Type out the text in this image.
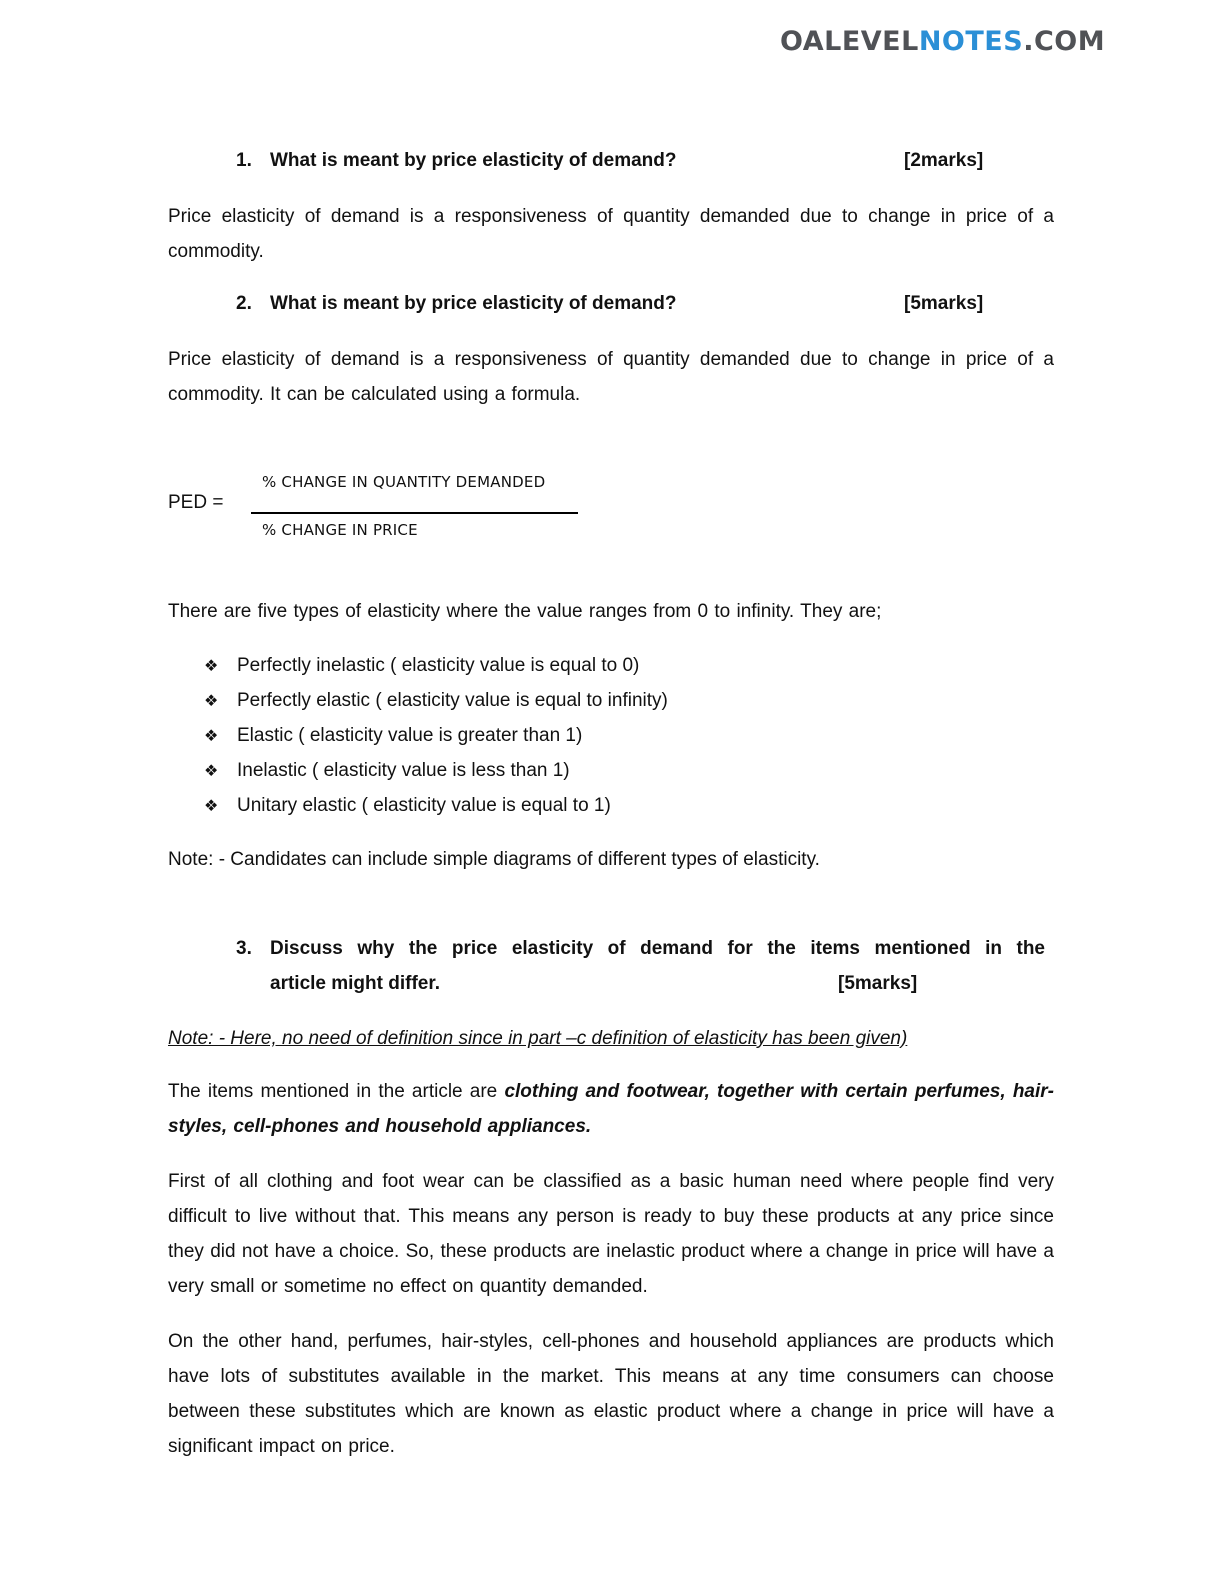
OALEVELNOTES.COM
1. What is meant by price elasticity of demand?	[2marks]
Price elasticity of demand is a responsiveness of quantity demanded due to change in price of a commodity.
2. What is meant by price elasticity of demand?	[5marks]
Price elasticity of demand is a responsiveness of quantity demanded due to change in price of a commodity. It can be calculated using a formula.
PED =
% CHANGE IN QUANTITY DEMANDED
% CHANGE IN PRICE
There are five types of elasticity where the value ranges from 0 to infinity. They are;
❖ Perfectly inelastic ( elasticity value is equal to 0)
❖ Perfectly elastic ( elasticity value is equal to infinity)
❖ Elastic ( elasticity value is greater than 1)
❖ Inelastic ( elasticity value is less than 1)
❖ Unitary elastic ( elasticity value is equal to 1)
Note: - Candidates can include simple diagrams of different types of elasticity.
3. Discuss why the price elasticity of demand for the items mentioned in the
article might differ.	[5marks]
Note: - Here, no need of definition since in part –c definition of elasticity has been given)
The items mentioned in the article are clothing and footwear, together with certain perfumes, hair-styles, cell-phones and household appliances.
First of all clothing and foot wear can be classified as a basic human need where people find very difficult to live without that. This means any person is ready to buy these products at any price since they did not have a choice. So, these products are inelastic product where a change in price will have a very small or sometime no effect on quantity demanded.
On the other hand, perfumes, hair-styles, cell-phones and household appliances are products which have lots of substitutes available in the market. This means at any time consumers can choose between these substitutes which are known as elastic product where a change in price will have a significant impact on price.
